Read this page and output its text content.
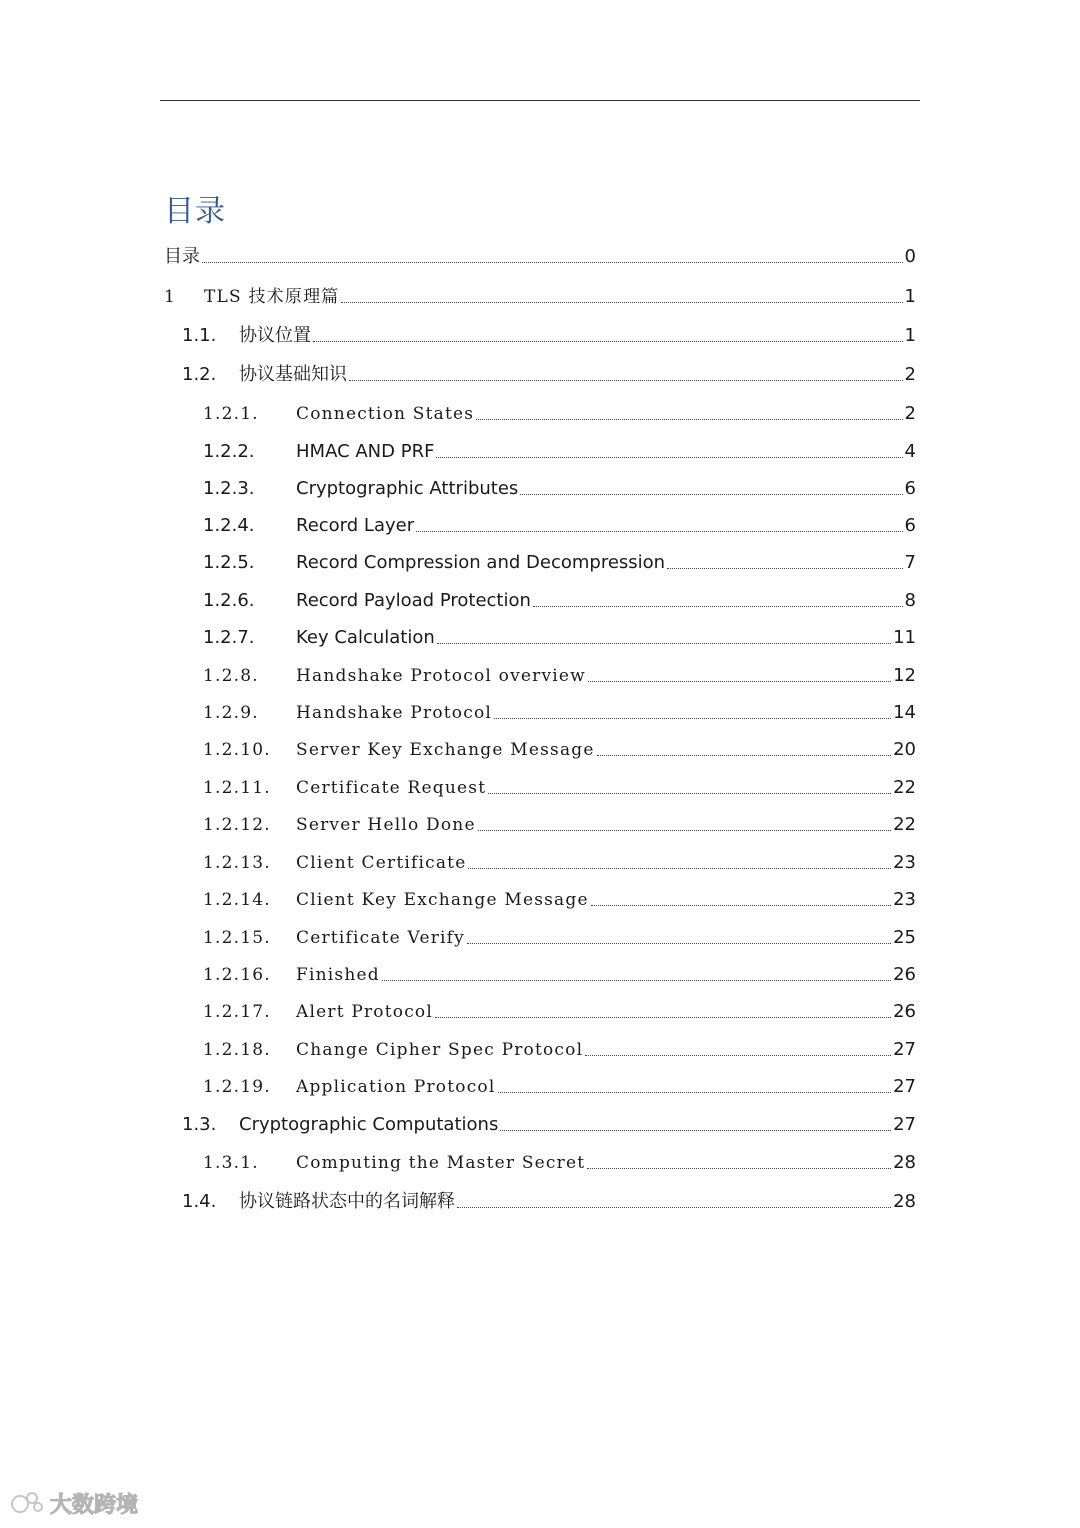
目录
目录	0
1	TLS 技术原理篇	1
1.1.	协议位置	1
1.2.	协议基础知识	2
1.2.1.	Connection States	2
1.2.2.	HMAC AND PRF	4
1.2.3.	Cryptographic Attributes	6
1.2.4.	Record Layer	6
1.2.5.	Record Compression and Decompression	7
1.2.6.	Record Payload Protection	8
1.2.7.	Key Calculation	11
1.2.8.	Handshake Protocol overview	12
1.2.9.	Handshake Protocol	14
1.2.10.	Server Key Exchange Message	20
1.2.11.	Certificate Request	22
1.2.12.	Server Hello Done	22
1.2.13.	Client Certificate	23
1.2.14.	Client Key Exchange Message	23
1.2.15.	Certificate Verify	25
1.2.16.	Finished	26
1.2.17.	Alert Protocol	26
1.2.18.	Change Cipher Spec Protocol	27
1.2.19.	Application Protocol	27
1.3.	Cryptographic Computations	27
1.3.1.	Computing the Master Secret	28
1.4.	协议链路状态中的名词解释	28
大数跨境
